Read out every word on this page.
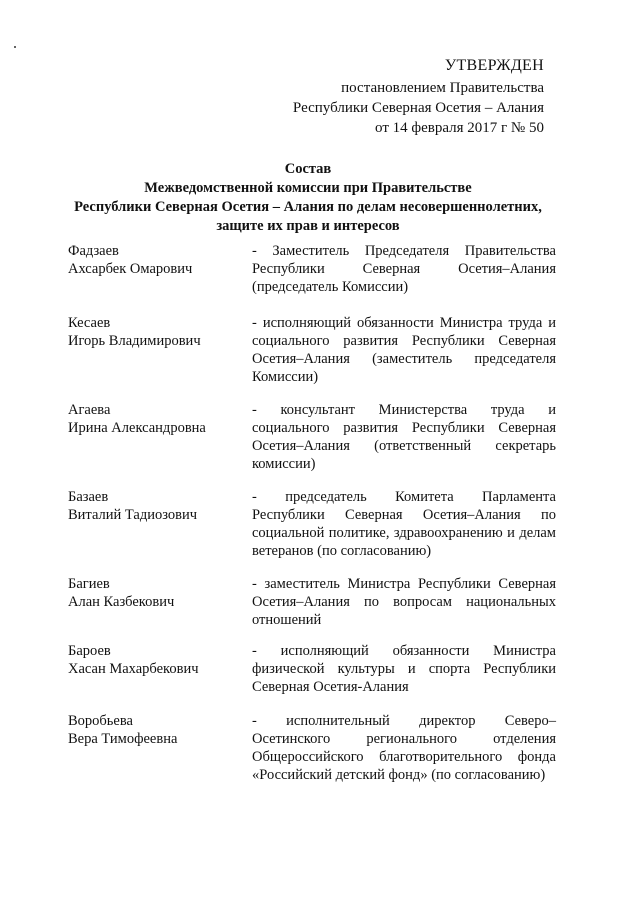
УТВЕРЖДЕН
постановлением Правительства
Республики Северная Осетия – Алания
от 14 февраля 2017 г № 50
Состав
Межведомственной комиссии при Правительстве
Республики Северная Осетия – Алания по делам несовершеннолетних,
защите их прав и интересов
Фадзаев
Ахсарбек Омарович
- Заместитель Председателя Правительства Республики Северная Осетия–Алания (председатель Комиссии)
Кесаев
Игорь Владимирович
- исполняющий обязанности Министра труда и социального развития Республики Северная Осетия–Алания (заместитель председателя Комиссии)
Агаева
Ирина Александровна
- консультант Министерства труда и социального развития Республики Северная Осетия–Алания (ответственный секретарь комиссии)
Базаев
Виталий Тадиозович
- председатель Комитета Парламента Республики Северная Осетия–Алания по социальной политике, здравоохранению и делам ветеранов (по согласованию)
Багиев
Алан Казбекович
- заместитель Министра Республики Северная Осетия–Алания по вопросам национальных отношений
Бароев
Хасан Махарбекович
- исполняющий обязанности Министра физической культуры и спорта Республики Северная Осетия-Алания
Воробьева
Вера Тимофеевна
- исполнительный директор Северо–Осетинского регионального отделения Общероссийского благотворительного фонда «Российский детский фонд» (по согласованию)
